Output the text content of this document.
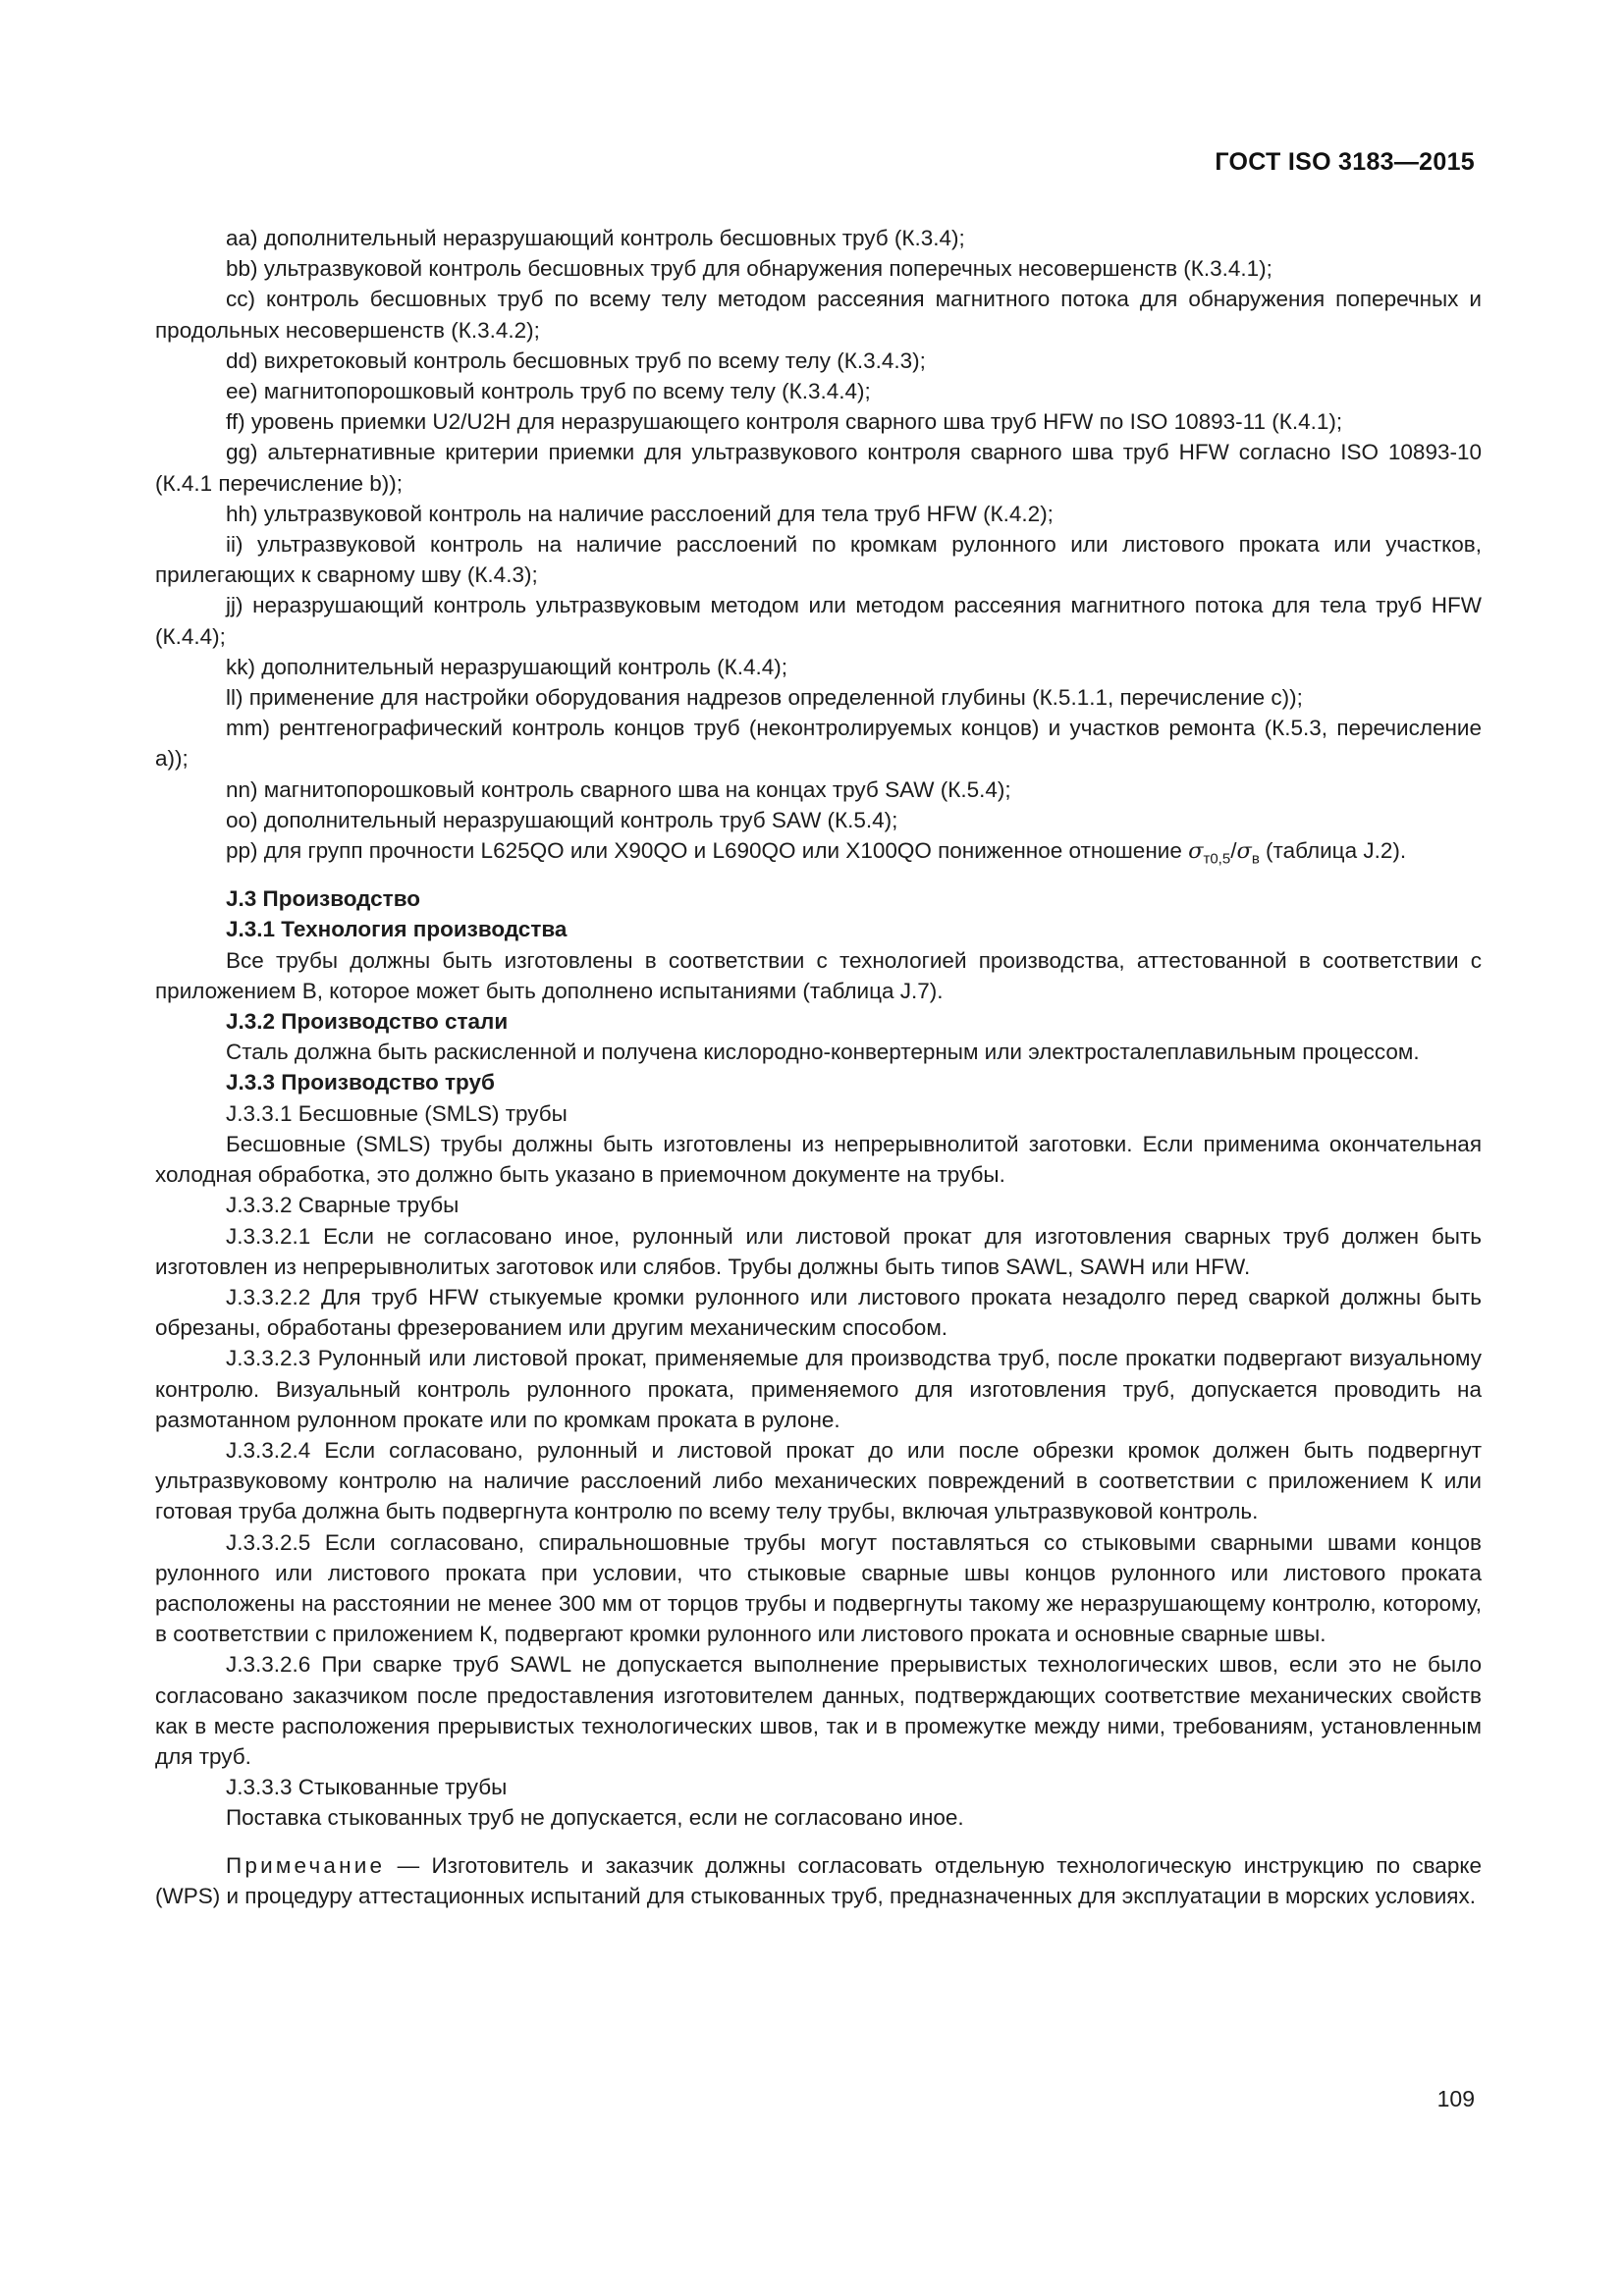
ГОСТ ISO 3183—2015

aa) дополнительный неразрушающий контроль бесшовных труб (К.3.4);

bb) ультразвуковой контроль бесшовных труб для обнаружения поперечных несовершенств (К.3.4.1);

cc) контроль бесшовных труб по всему телу методом рассеяния магнитного потока для обнаружения поперечных и продольных несовершенств (К.3.4.2);

dd) вихретоковый контроль бесшовных труб по всему телу (К.3.4.3);

ee) магнитопорошковый контроль труб по всему телу (К.3.4.4);

ff) уровень приемки U2/U2H для неразрушающего контроля сварного шва труб HFW по ISO 10893-11 (К.4.1);

gg) альтернативные критерии приемки для ультразвукового контроля сварного шва труб HFW согласно ISO 10893-10 (К.4.1 перечисление b));

hh) ультразвуковой контроль на наличие расслоений для тела труб HFW (К.4.2);

ii) ультразвуковой контроль на наличие расслоений по кромкам рулонного или листового проката или участков, прилегающих к сварному шву (К.4.3);

jj) неразрушающий контроль ультразвуковым методом или методом рассеяния магнитного потока для тела труб HFW (К.4.4);

kk) дополнительный неразрушающий контроль (К.4.4);

ll) применение для настройки оборудования надрезов определенной глубины (К.5.1.1, перечисление с));

mm) рентгенографический контроль концов труб (неконтролируемых концов) и участков ремонта (К.5.3, перечисление а));

nn) магнитопорошковый контроль сварного шва на концах труб SAW (К.5.4);

oo) дополнительный неразрушающий контроль труб SAW (К.5.4);

pp) для групп прочности L625QO или X90QO и L690QO или X100QO пониженное отношение $\sigma_{т0,5}/\sigma_в$ (таблица J.2).

J.3 Производство

J.3.1 Технология производства

Все трубы должны быть изготовлены в соответствии с технологией производства, аттестованной в соответствии с приложением B, которое может быть дополнено испытаниями (таблица J.7).

J.3.2 Производство стали

Сталь должна быть раскисленной и получена кислородно-конвертерным или электросталеплавильным процессом.

J.3.3 Производство труб

J.3.3.1 Бесшовные (SMLS) трубы

Бесшовные (SMLS) трубы должны быть изготовлены из непрерывнолитой заготовки. Если применима окончательная холодная обработка, это должно быть указано в приемочном документе на трубы.

J.3.3.2 Сварные трубы

J.3.3.2.1 Если не согласовано иное, рулонный или листовой прокат для изготовления сварных труб должен быть изготовлен из непрерывнолитых заготовок или слябов. Трубы должны быть типов SAWL, SAWH или HFW.

J.3.3.2.2 Для труб HFW стыкуемые кромки рулонного или листового проката незадолго перед сваркой должны быть обрезаны, обработаны фрезерованием или другим механическим способом.

J.3.3.2.3 Рулонный или листовой прокат, применяемые для производства труб, после прокатки подвергают визуальному контролю. Визуальный контроль рулонного проката, применяемого для изготовления труб, допускается проводить на размотанном рулонном прокате или по кромкам проката в рулоне.

J.3.3.2.4 Если согласовано, рулонный и листовой прокат до или после обрезки кромок должен быть подвергнут ультразвуковому контролю на наличие расслоений либо механических повреждений в соответствии с приложением К или готовая труба должна быть подвергнута контролю по всему телу трубы, включая ультразвуковой контроль.

J.3.3.2.5 Если согласовано, спиральношовные трубы могут поставляться со стыковыми сварными швами концов рулонного или листового проката при условии, что стыковые сварные швы концов рулонного или листового проката расположены на расстоянии не менее 300 мм от торцов трубы и подвергнуты такому же неразрушающему контролю, которому, в соответствии с приложением К, подвергают кромки рулонного или листового проката и основные сварные швы.

J.3.3.2.6 При сварке труб SAWL не допускается выполнение прерывистых технологических швов, если это не было согласовано заказчиком после предоставления изготовителем данных, подтверждающих соответствие механических свойств как в месте расположения прерывистых технологических швов, так и в промежутке между ними, требованиям, установленным для труб.

J.3.3.3 Стыкованные трубы

Поставка стыкованных труб не допускается, если не согласовано иное.

Примечание — Изготовитель и заказчик должны согласовать отдельную технологическую инструкцию по сварке (WPS) и процедуру аттестационных испытаний для стыкованных труб, предназначенных для эксплуатации в морских условиях.

109
